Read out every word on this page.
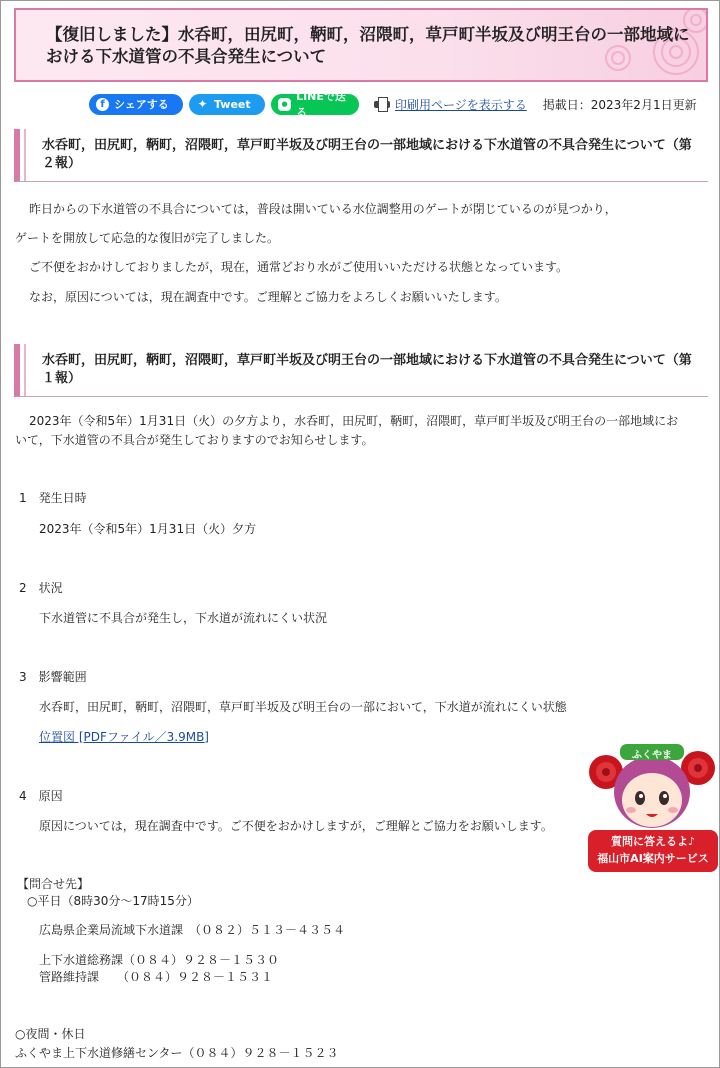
【復旧しました】水呑町，田尻町，鞆町，沼隈町，草戸町半坂及び明王台の一部地域における下水道管の不具合発生について
f シェアする ✦ Tweet	●
LINEで送る
印刷用ページを表示する 掲載日：2023年2月1日更新
水呑町，田尻町，鞆町，沼隈町，草戸町半坂及び明王台の一部地域における下水道管の不具合発生について（第２報）
昨日からの下水道管の不具合については，普段は開いている水位調整用のゲートが閉じているのが見つかり，
ゲートを開放して応急的な復旧が完了しました。
ご不便をおかけしておりましたが，現在，通常どおり水がご使用いいただける状態となっています。
なお，原因については，現在調査中です。ご理解とご協力をよろしくお願いいたします。
水呑町，田尻町，鞆町，沼隈町，草戸町半坂及び明王台の一部地域における下水道管の不具合発生について（第１報）
2023年（令和5年）1月31日（火）の夕方より，水呑町，田尻町，鞆町，沼隈町，草戸町半坂及び明王台の一部地域にお
いて，下水道管の不具合が発生しておりますのでお知らせします。
1　発生日時
2023年（令和5年）1月31日（火）夕方
2　状況
下水道管に不具合が発生し，下水道が流れにくい状況
3　影響範囲
水呑町，田尻町，鞆町，沼隈町，草戸町半坂及び明王台の一部において，下水道が流れにくい状態
位置図 [PDFファイル／3.9MB]
4　原因
原因については，現在調査中です。ご不便をおかけしますが，ご理解とご協力をお願いします。
【問合せ先】
○平日（8時30分～17時15分）
広島県企業局流域下水道課　（０８２）５１３－４３５４
上下水道総務課（０８４）９２８－１５３０
管路維持課　　（０８４）９２８－１５３１
○夜間・休日
ふくやま上下水道修繕センター（０８４）９２８－１５２３
ふくやま
質問に答えるよ♪
福山市AI案内サービス
